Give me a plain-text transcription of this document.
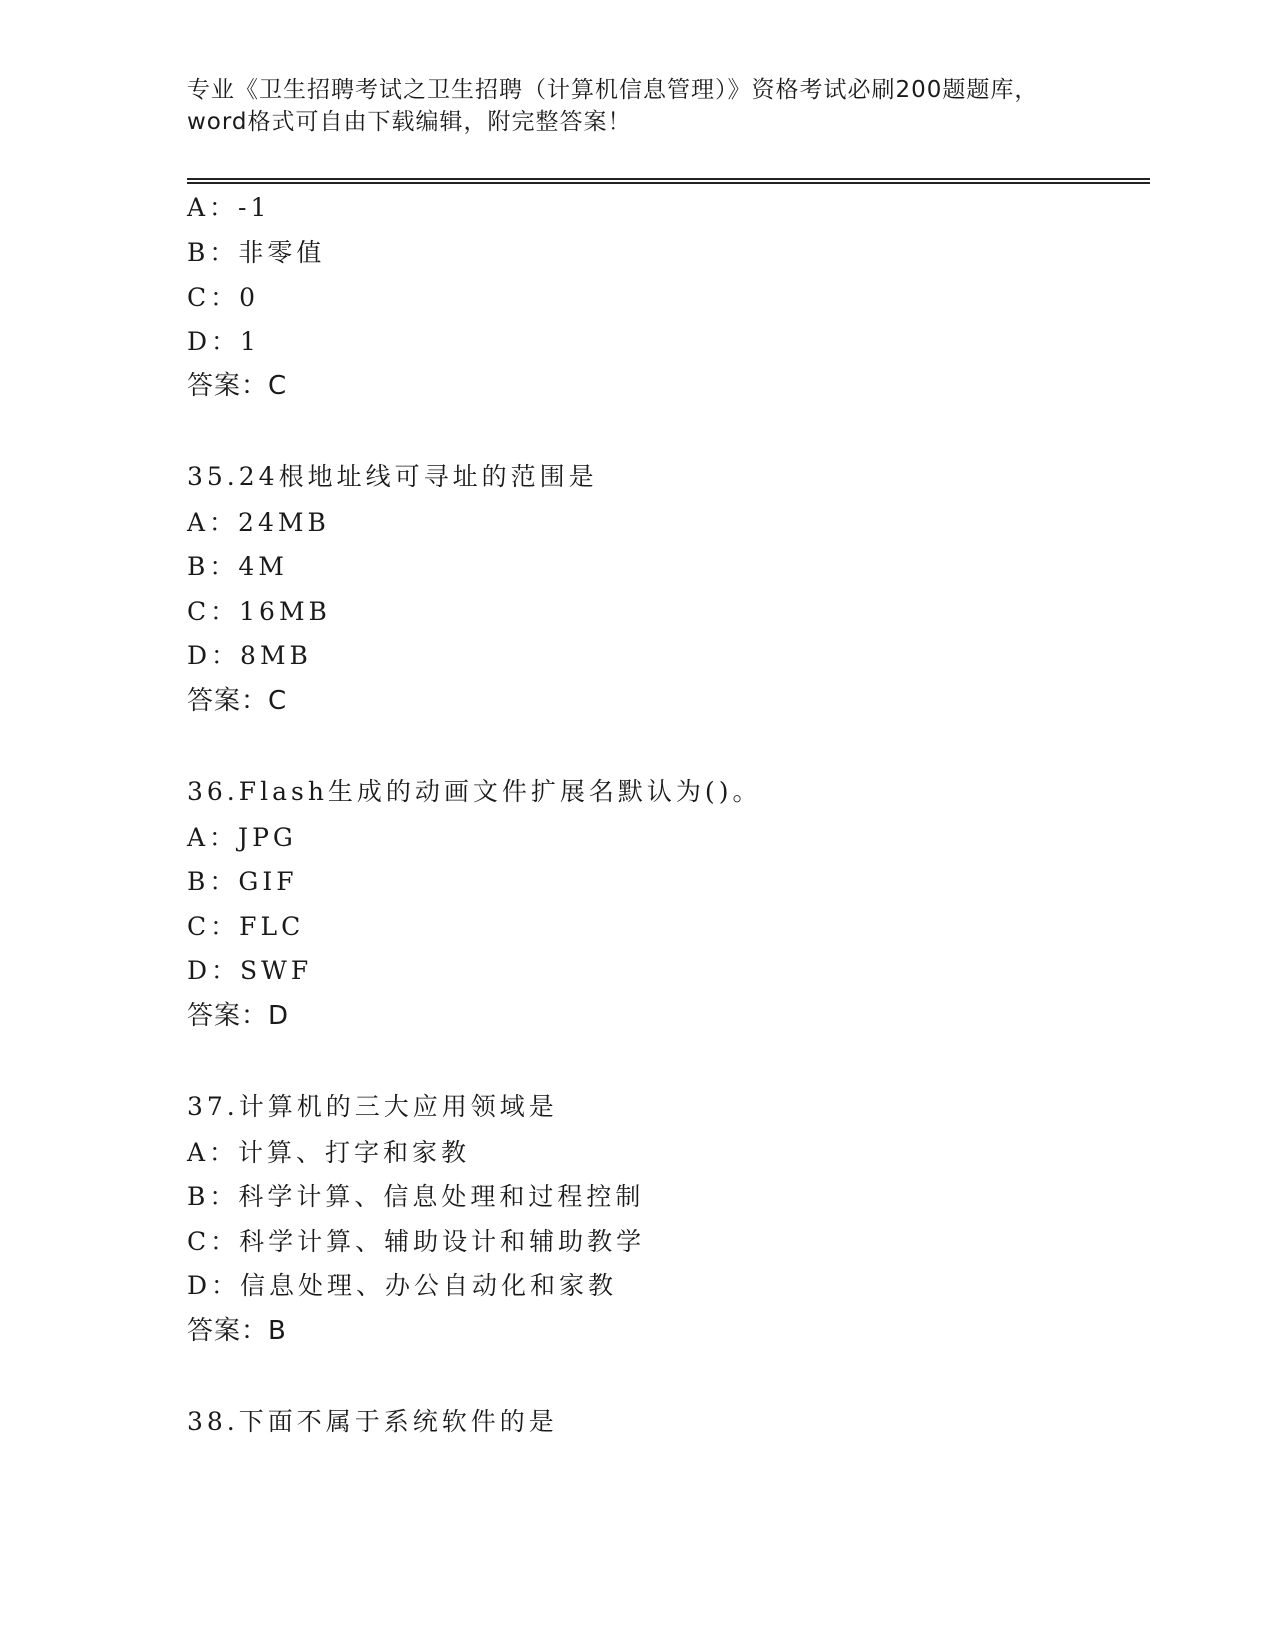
专业《卫生招聘考试之卫生招聘（计算机信息管理）》资格考试必刷200题题库，
word格式可自由下载编辑，附完整答案！
A：-1
B：非零值
C：0
D：1
答案：C
35.24根地址线可寻址的范围是
A：24MB
B：4M
C：16MB
D：8MB
答案：C
36.Flash生成的动画文件扩展名默认为()。
A：JPG
B：GIF
C：FLC
D：SWF
答案：D
37.计算机的三大应用领域是
A：计算、打字和家教
B：科学计算、信息处理和过程控制
C：科学计算、辅助设计和辅助教学
D：信息处理、办公自动化和家教
答案：B
38.下面不属于系统软件的是
